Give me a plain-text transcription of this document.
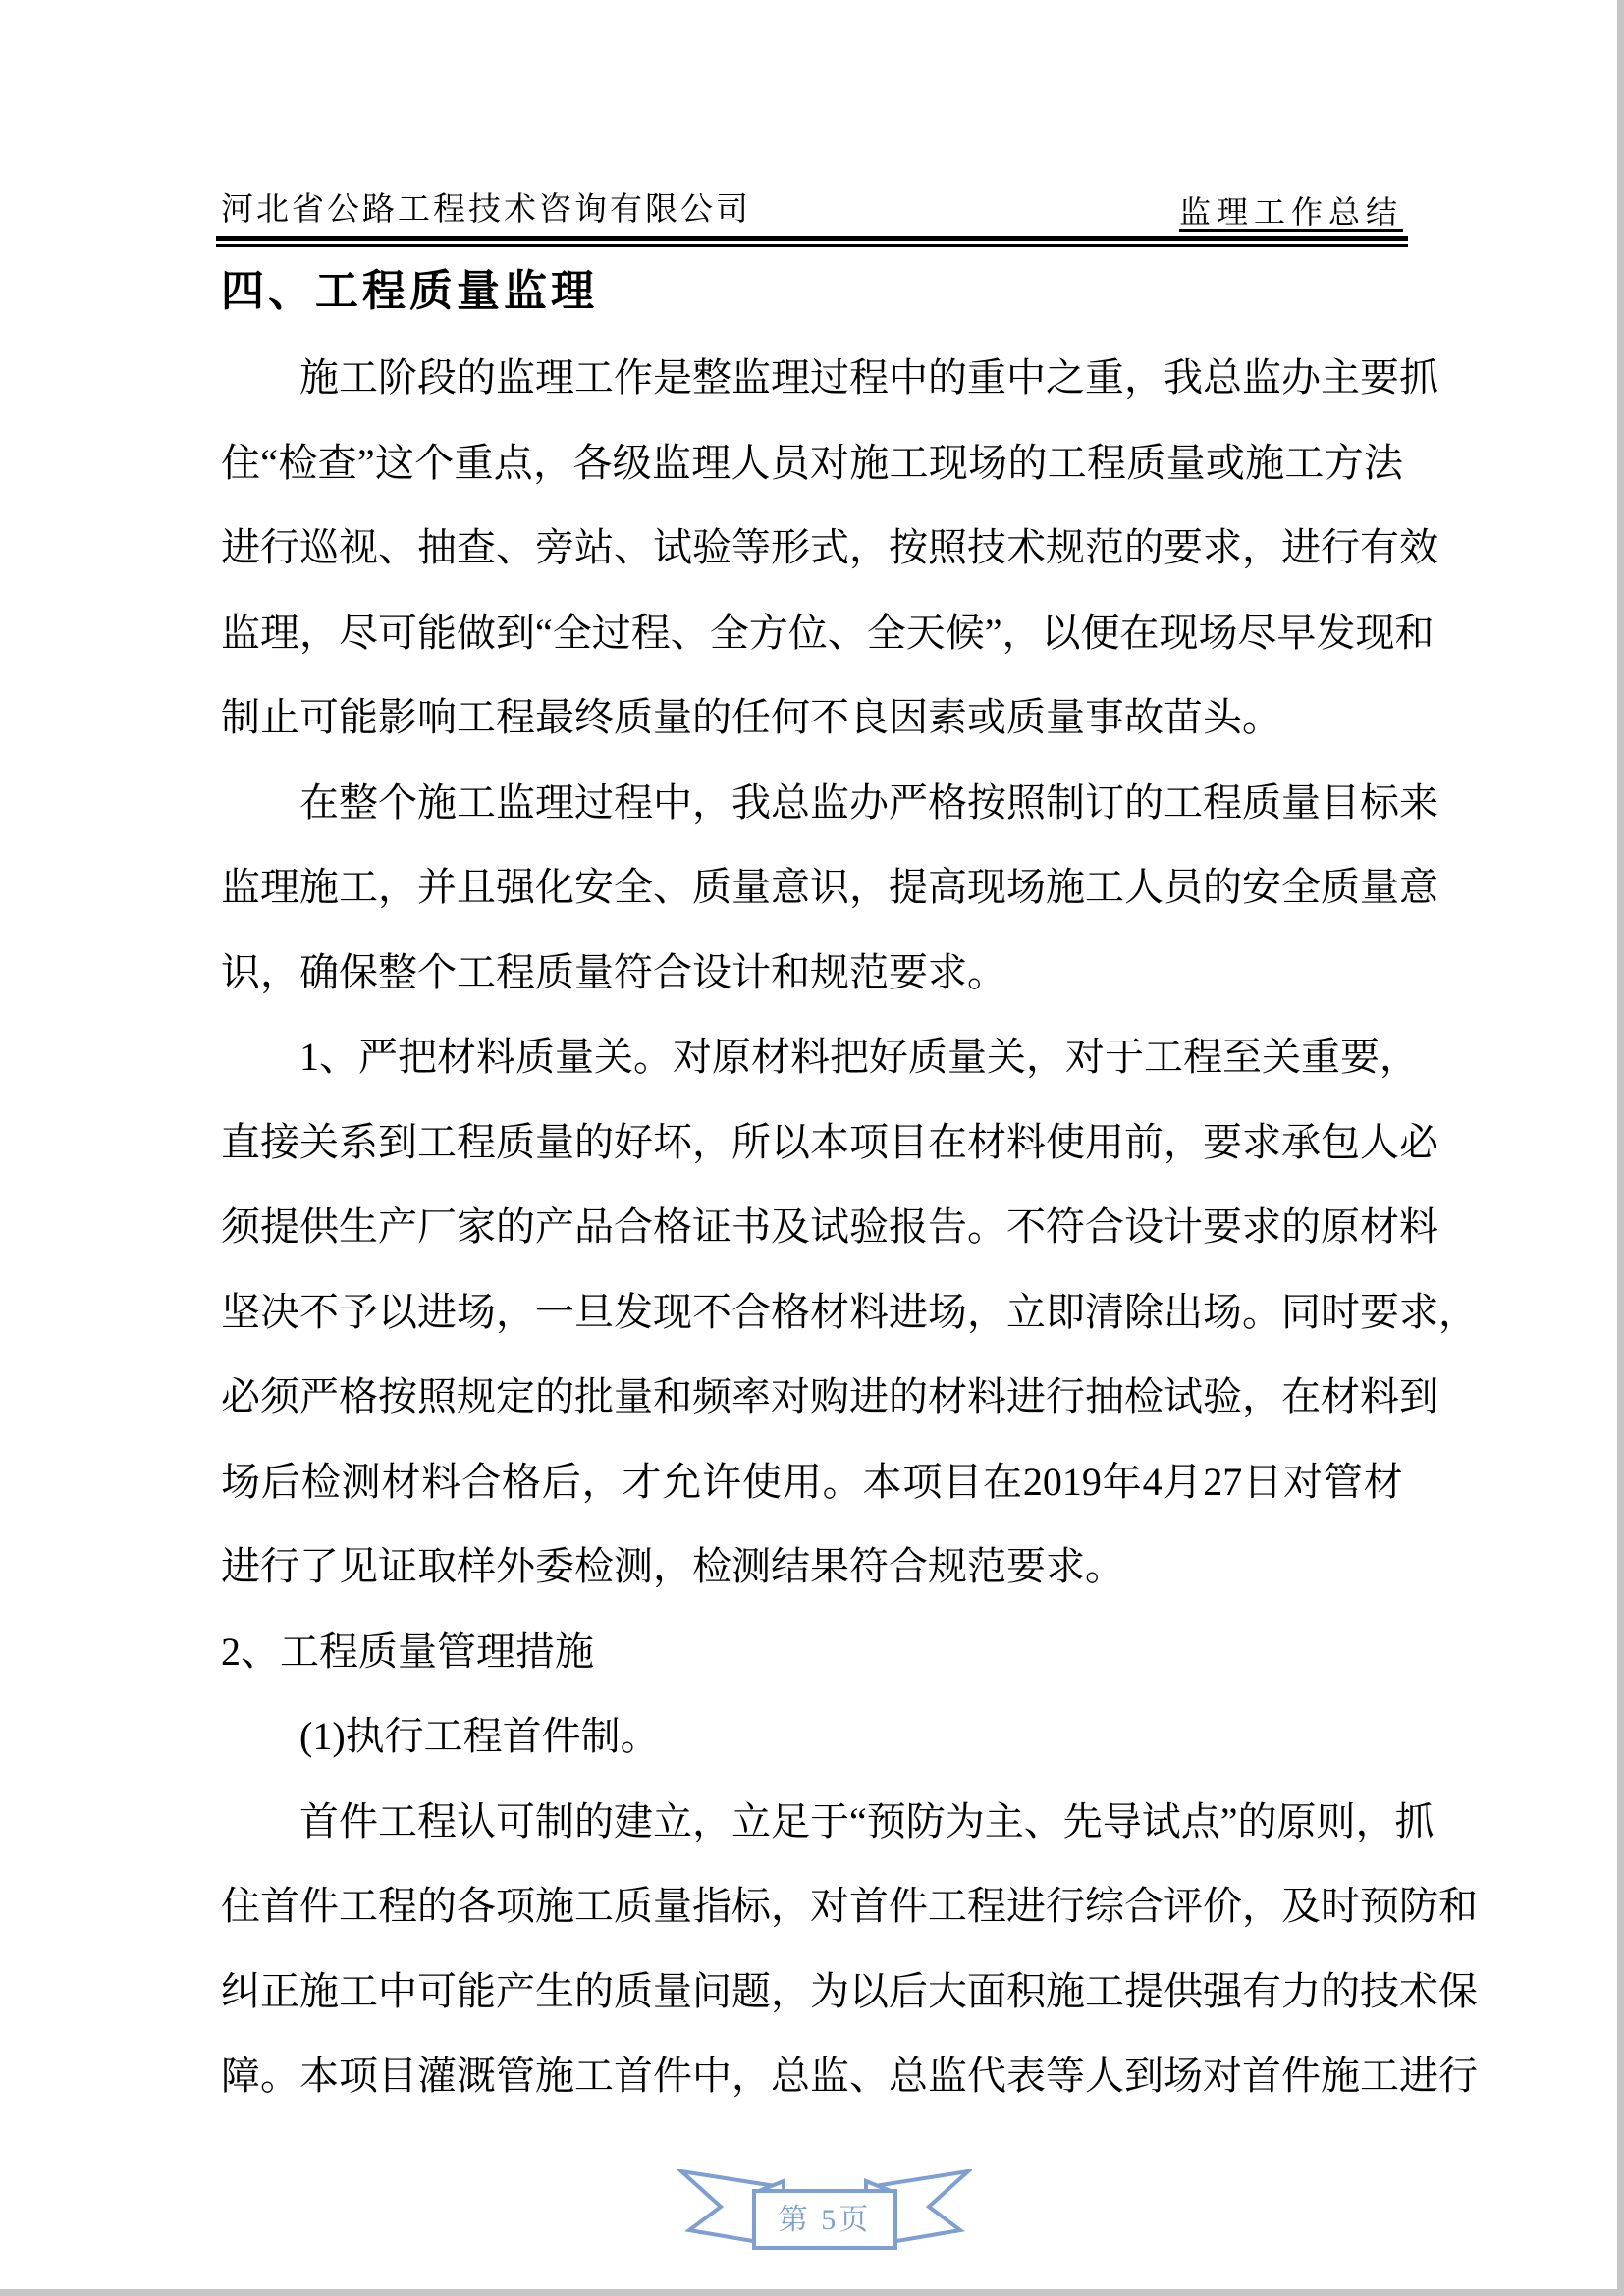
河北省公路工程技术咨询有限公司	监理工作总结
四、工程质量监理
施 工 阶 段 的 监 理 工 作 是 整 监 理 过 程 中 的 重 中 之 重 ， 我 总 监 办 主 要 抓
住 “ 检 查 ” 这 个 重 点 ， 各 级 监 理 人 员 对 施 工 现 场 的 工 程 质 量 或 施 工 方 法
进 行 巡 视 、 抽 查 、 旁 站 、 试 验 等 形 式 ， 按 照 技 术 规 范 的 要 求 ， 进 行 有 效
监 理 ， 尽 可 能 做 到 “ 全 过 程 、 全 方 位 、 全 天 候 ” ， 以 便 在 现 场 尽 早 发 现 和
制止可能影响工程最终质量的任何不良因素或质量事故苗头。
在 整 个 施 工 监 理 过 程 中 ， 我 总 监 办 严 格 按 照 制 订 的 工 程 质 量 目 标 来
监 理 施 工 ， 并 且 强 化 安 全 、 质 量 意 识 ， 提 高 现 场 施 工 人 员 的 安 全 质 量 意
识，确保整个工程质量符合设计和规范要求。
1 、 严 把 材 料 质 量 关 。 对 原 材 料 把 好 质 量 关 ， 对 于 工 程 至 关 重 要 ，
直 接 关 系 到 工 程 质 量 的 好 坏 ， 所 以 本 项 目 在 材 料 使 用 前 ， 要 求 承 包 人 必
须 提 供 生 产 厂 家 的 产 品 合 格 证 书 及 试 验 报 告 。 不 符 合 设 计 要 求 的 原 材 料
坚 决 不 予 以 进 场 ， 一 旦 发 现 不 合 格 材 料 进 场 ， 立 即 清 除 出 场 。 同 时 要 求 ，
必 须 严 格 按 照 规 定 的 批 量 和 频 率 对 购 进 的 材 料 进 行 抽 检 试 验 ， 在 材 料 到
场 后 检 测 材 料 合 格 后 ， 才 允 许 使 用 。 本 项 目 在 2019 年 4 月 27 日 对 管 材
进行了见证取样外委检测，检测结果符合规范要求。
2、工程质量管理措施
(1)执行工程首件制。
首 件 工 程 认 可 制 的 建 立 ， 立 足 于 “ 预 防 为 主 、 先 导 试 点 ” 的 原 则 ， 抓
住 首 件 工 程 的 各 项 施 工 质 量 指 标 ， 对 首 件 工 程 进 行 综 合 评 价 ， 及 时 预 防 和
纠 正 施 工 中 可 能 产 生 的 质 量 问 题 ， 为 以 后 大 面 积 施 工 提 供 强 有 力 的 技 术 保
障 。 本 项 目 灌 溉 管 施 工 首 件 中 ， 总 监 、 总 监 代 表 等 人 到 场 对 首 件 施 工 进 行
第 5页
